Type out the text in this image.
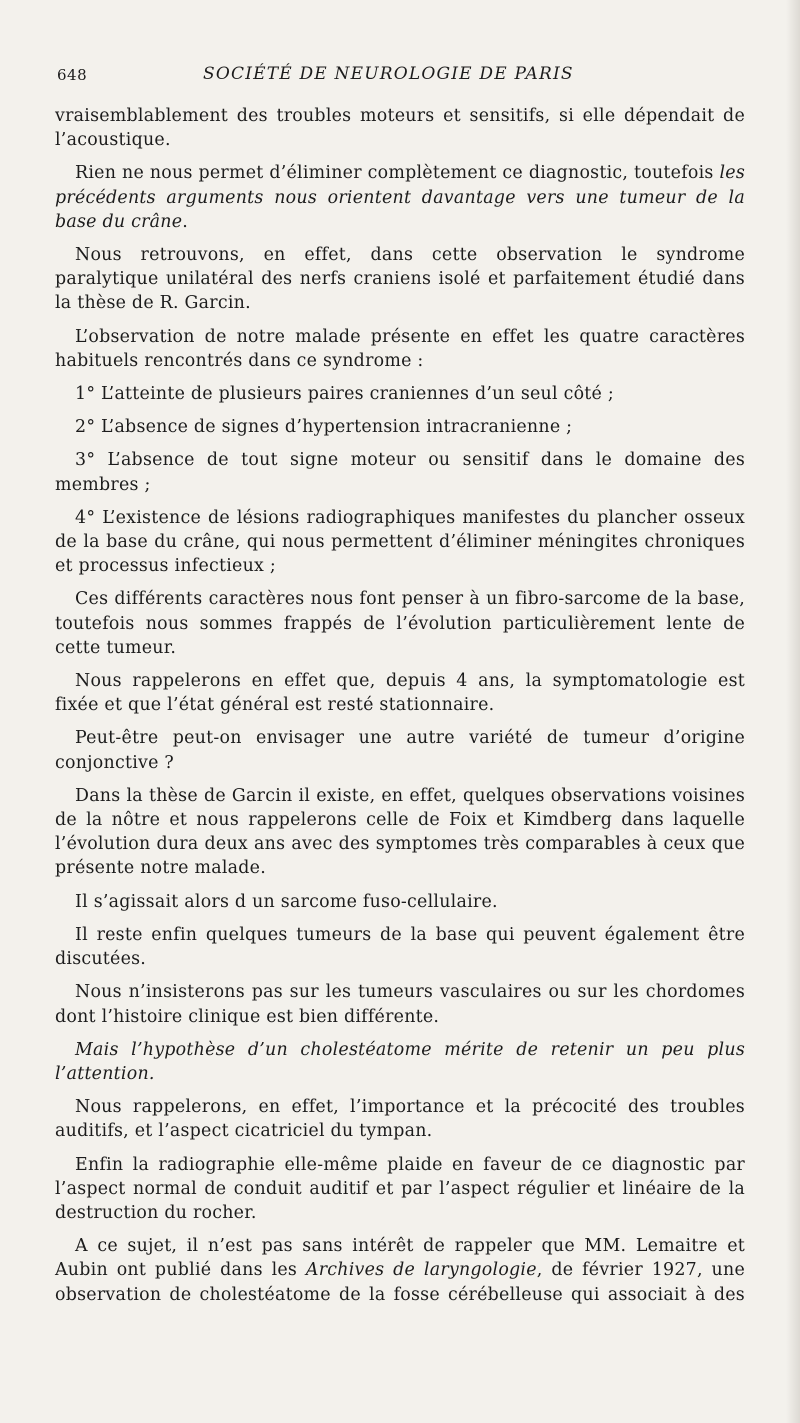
648	SOCIÉTÉ DE NEUROLOGIE DE PARIS

vraisemblablement des troubles moteurs et sensitifs, si elle dépendait de l’acoustique.

Rien ne nous permet d’éliminer complètement ce diagnostic, toutefois les précédents arguments nous orientent davantage vers une tumeur de la base du crâne.

Nous retrouvons, en effet, dans cette observation le syndrome paralytique unilatéral des nerfs craniens isolé et parfaitement étudié dans la thèse de R. Garcin.

L’observation de notre malade présente en effet les quatre caractères habituels rencontrés dans ce syndrome :

1° L’atteinte de plusieurs paires craniennes d’un seul côté ;

2° L’absence de signes d’hypertension intracranienne ;

3° L’absence de tout signe moteur ou sensitif dans le domaine des membres ;

4° L’existence de lésions radiographiques manifestes du plancher osseux de la base du crâne, qui nous permettent d’éliminer méningites chroniques et processus infectieux ;

Ces différents caractères nous font penser à un fibro-sarcome de la base, toutefois nous sommes frappés de l’évolution particulièrement lente de cette tumeur.

Nous rappelerons en effet que, depuis 4 ans, la symptomatologie est fixée et que l’état général est resté stationnaire.

Peut-être peut-on envisager une autre variété de tumeur d’origine conjonctive ?

Dans la thèse de Garcin il existe, en effet, quelques observations voisines de la nôtre et nous rappelerons celle de Foix et Kimdberg dans laquelle l’évolution dura deux ans avec des symptomes très comparables à ceux que présente notre malade.

Il s’agissait alors d un sarcome fuso-cellulaire.

Il reste enfin quelques tumeurs de la base qui peuvent également être discutées.

Nous n’insisterons pas sur les tumeurs vasculaires ou sur les chordomes dont l’histoire clinique est bien différente.

Mais l’hypothèse d’un cholestéatome mérite de retenir un peu plus l’attention.

Nous rappelerons, en effet, l’importance et la précocité des troubles auditifs, et l’aspect cicatriciel du tympan.

Enfin la radiographie elle-même plaide en faveur de ce diagnostic par l’aspect normal de conduit auditif et par l’aspect régulier et linéaire de la destruction du rocher.

A ce sujet, il n’est pas sans intérêt de rappeler que MM. Lemaitre et Aubin ont publié dans les Archives de laryngologie, de février 1927, une observation de cholestéatome de la fosse cérébelleuse qui associait à des
